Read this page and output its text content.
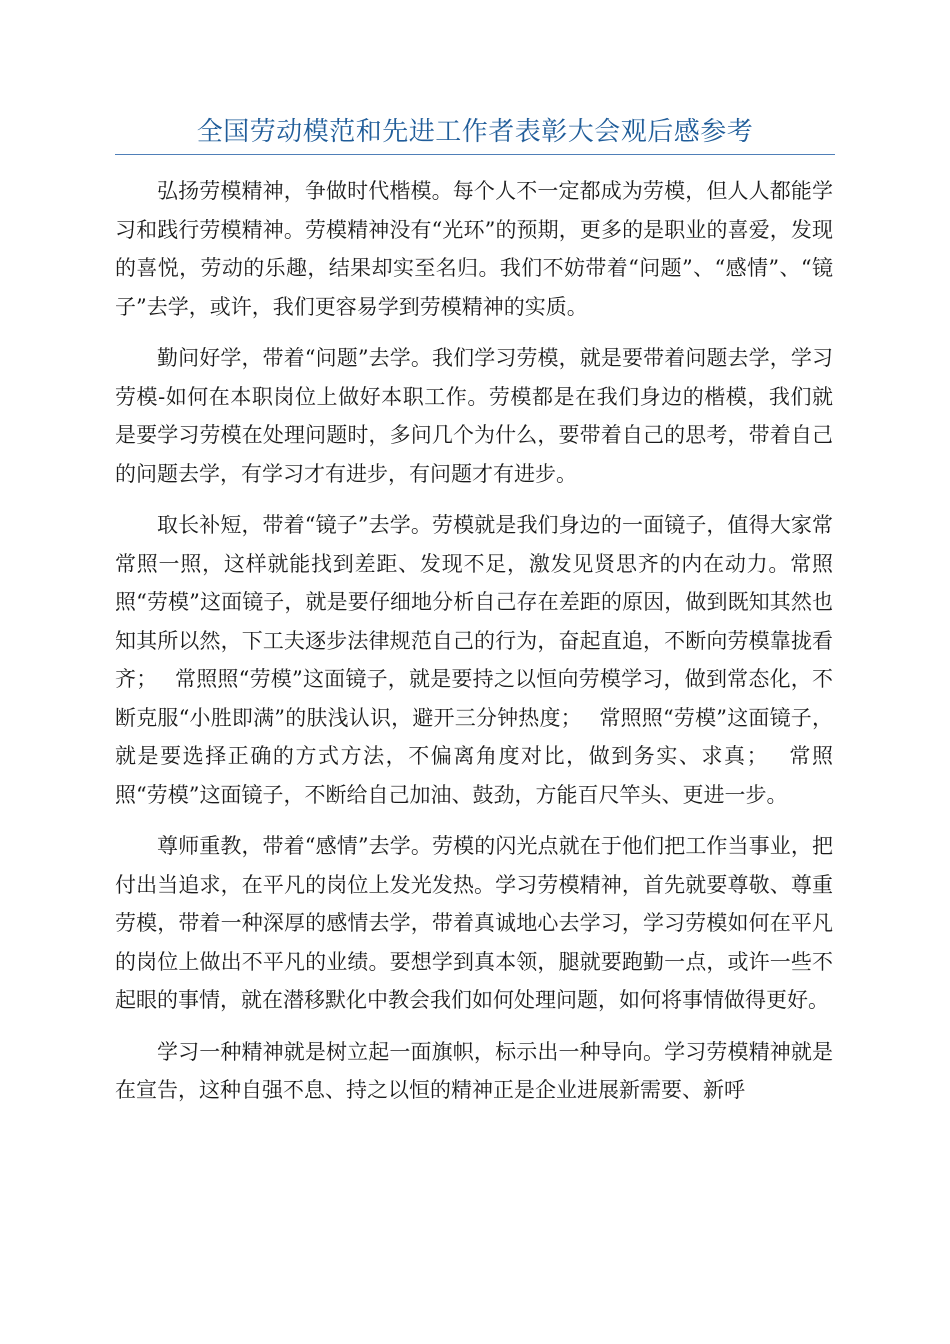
全国劳动模范和先进工作者表彰大会观后感参考

弘扬劳模精神，争做时代楷模。每个人不一定都成为劳模，但人人都能学习和践行劳模精神。劳模精神没有“光环”的预期，更多的是职业的喜爱，发现的喜悦，劳动的乐趣，结果却实至名归。我们不妨带着“问题”、“感情”、“镜子”去学，或许，我们更容易学到劳模精神的实质。

勤问好学，带着“问题”去学。我们学习劳模，就是要带着问题去学，学习劳模-如何在本职岗位上做好本职工作。劳模都是在我们身边的楷模，我们就是要学习劳模在处理问题时，多问几个为什么，要带着自己的思考，带着自己的问题去学，有学习才有进步，有问题才有进步。

取长补短，带着“镜子”去学。劳模就是我们身边的一面镜子，值得大家常常照一照，这样就能找到差距、发现不足，激发见贤思齐的内在动力。常照照“劳模”这面镜子，就是要仔细地分析自己存在差距的原因，做到既知其然也知其所以然，下工夫逐步法律规范自己的行为，奋起直追，不断向劳模靠拢看齐；　 常照照“劳模”这面镜子，就是要持之以恒向劳模学习，做到常态化，不断克服“小胜即满”的肤浅认识，避开三分钟热度；　 常照照“劳模”这面镜子，就是要选择正确的方式方法，不偏离角度对比，做到务实、求真；　 常照照“劳模”这面镜子，不断给自己加油、鼓劲，方能百尺竿头、更进一步。

尊师重教，带着“感情”去学。劳模的闪光点就在于他们把工作当事业，把付出当追求，在平凡的岗位上发光发热。学习劳模精神，首先就要尊敬、尊重劳模，带着一种深厚的感情去学，带着真诚地心去学习，学习劳模如何在平凡的岗位上做出不平凡的业绩。要想学到真本领，腿就要跑勤一点，或许一些不起眼的事情，就在潜移默化中教会我们如何处理问题，如何将事情做得更好。

学习一种精神就是树立起一面旗帜，标示出一种导向。学习劳模精神就是在宣告，这种自强不息、持之以恒的精神正是企业进展新需要、新呼
